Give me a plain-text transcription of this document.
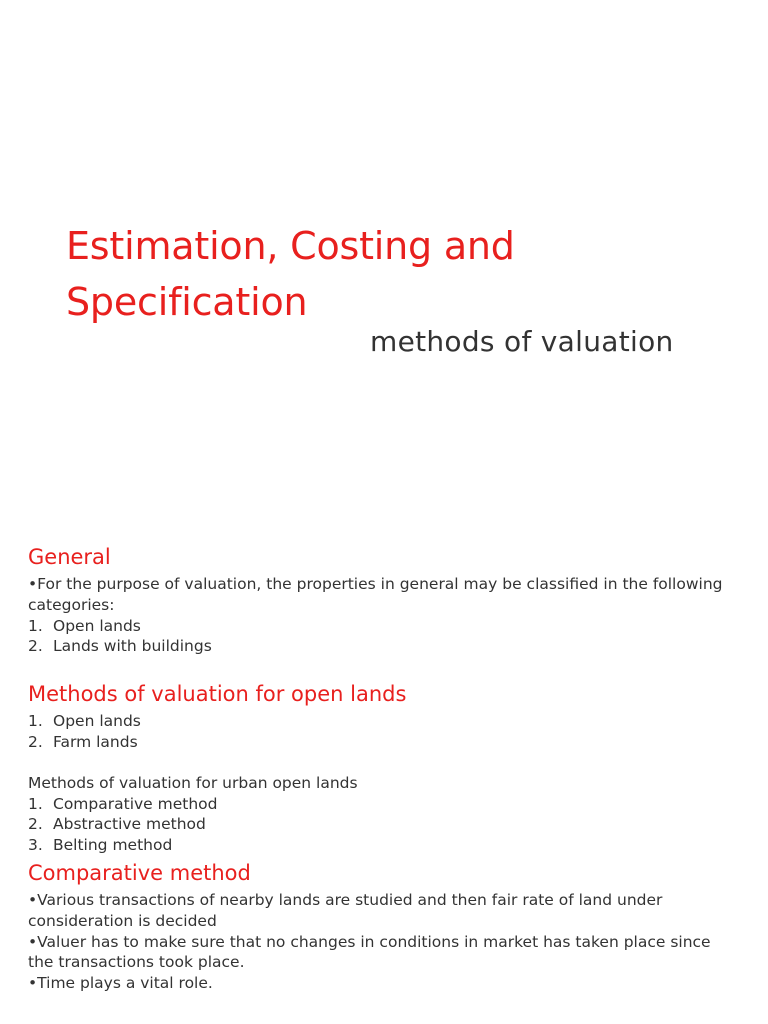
Estimation, Costing and Specification
methods of valuation
General

•For the purpose of valuation, the properties in general may be classified in the following categories:

1. Open lands
2. Lands with buildings
Methods of valuation for open lands
1. Open lands
2. Farm lands

Methods of valuation for urban open lands

1. Comparative method
2. Abstractive method
3. Belting method
Comparative method

•Various transactions of nearby lands are studied and then fair rate of land under consideration is decided

•Valuer has to make sure that no changes in conditions in market has taken place since the transactions took place.

•Time plays a vital role.
